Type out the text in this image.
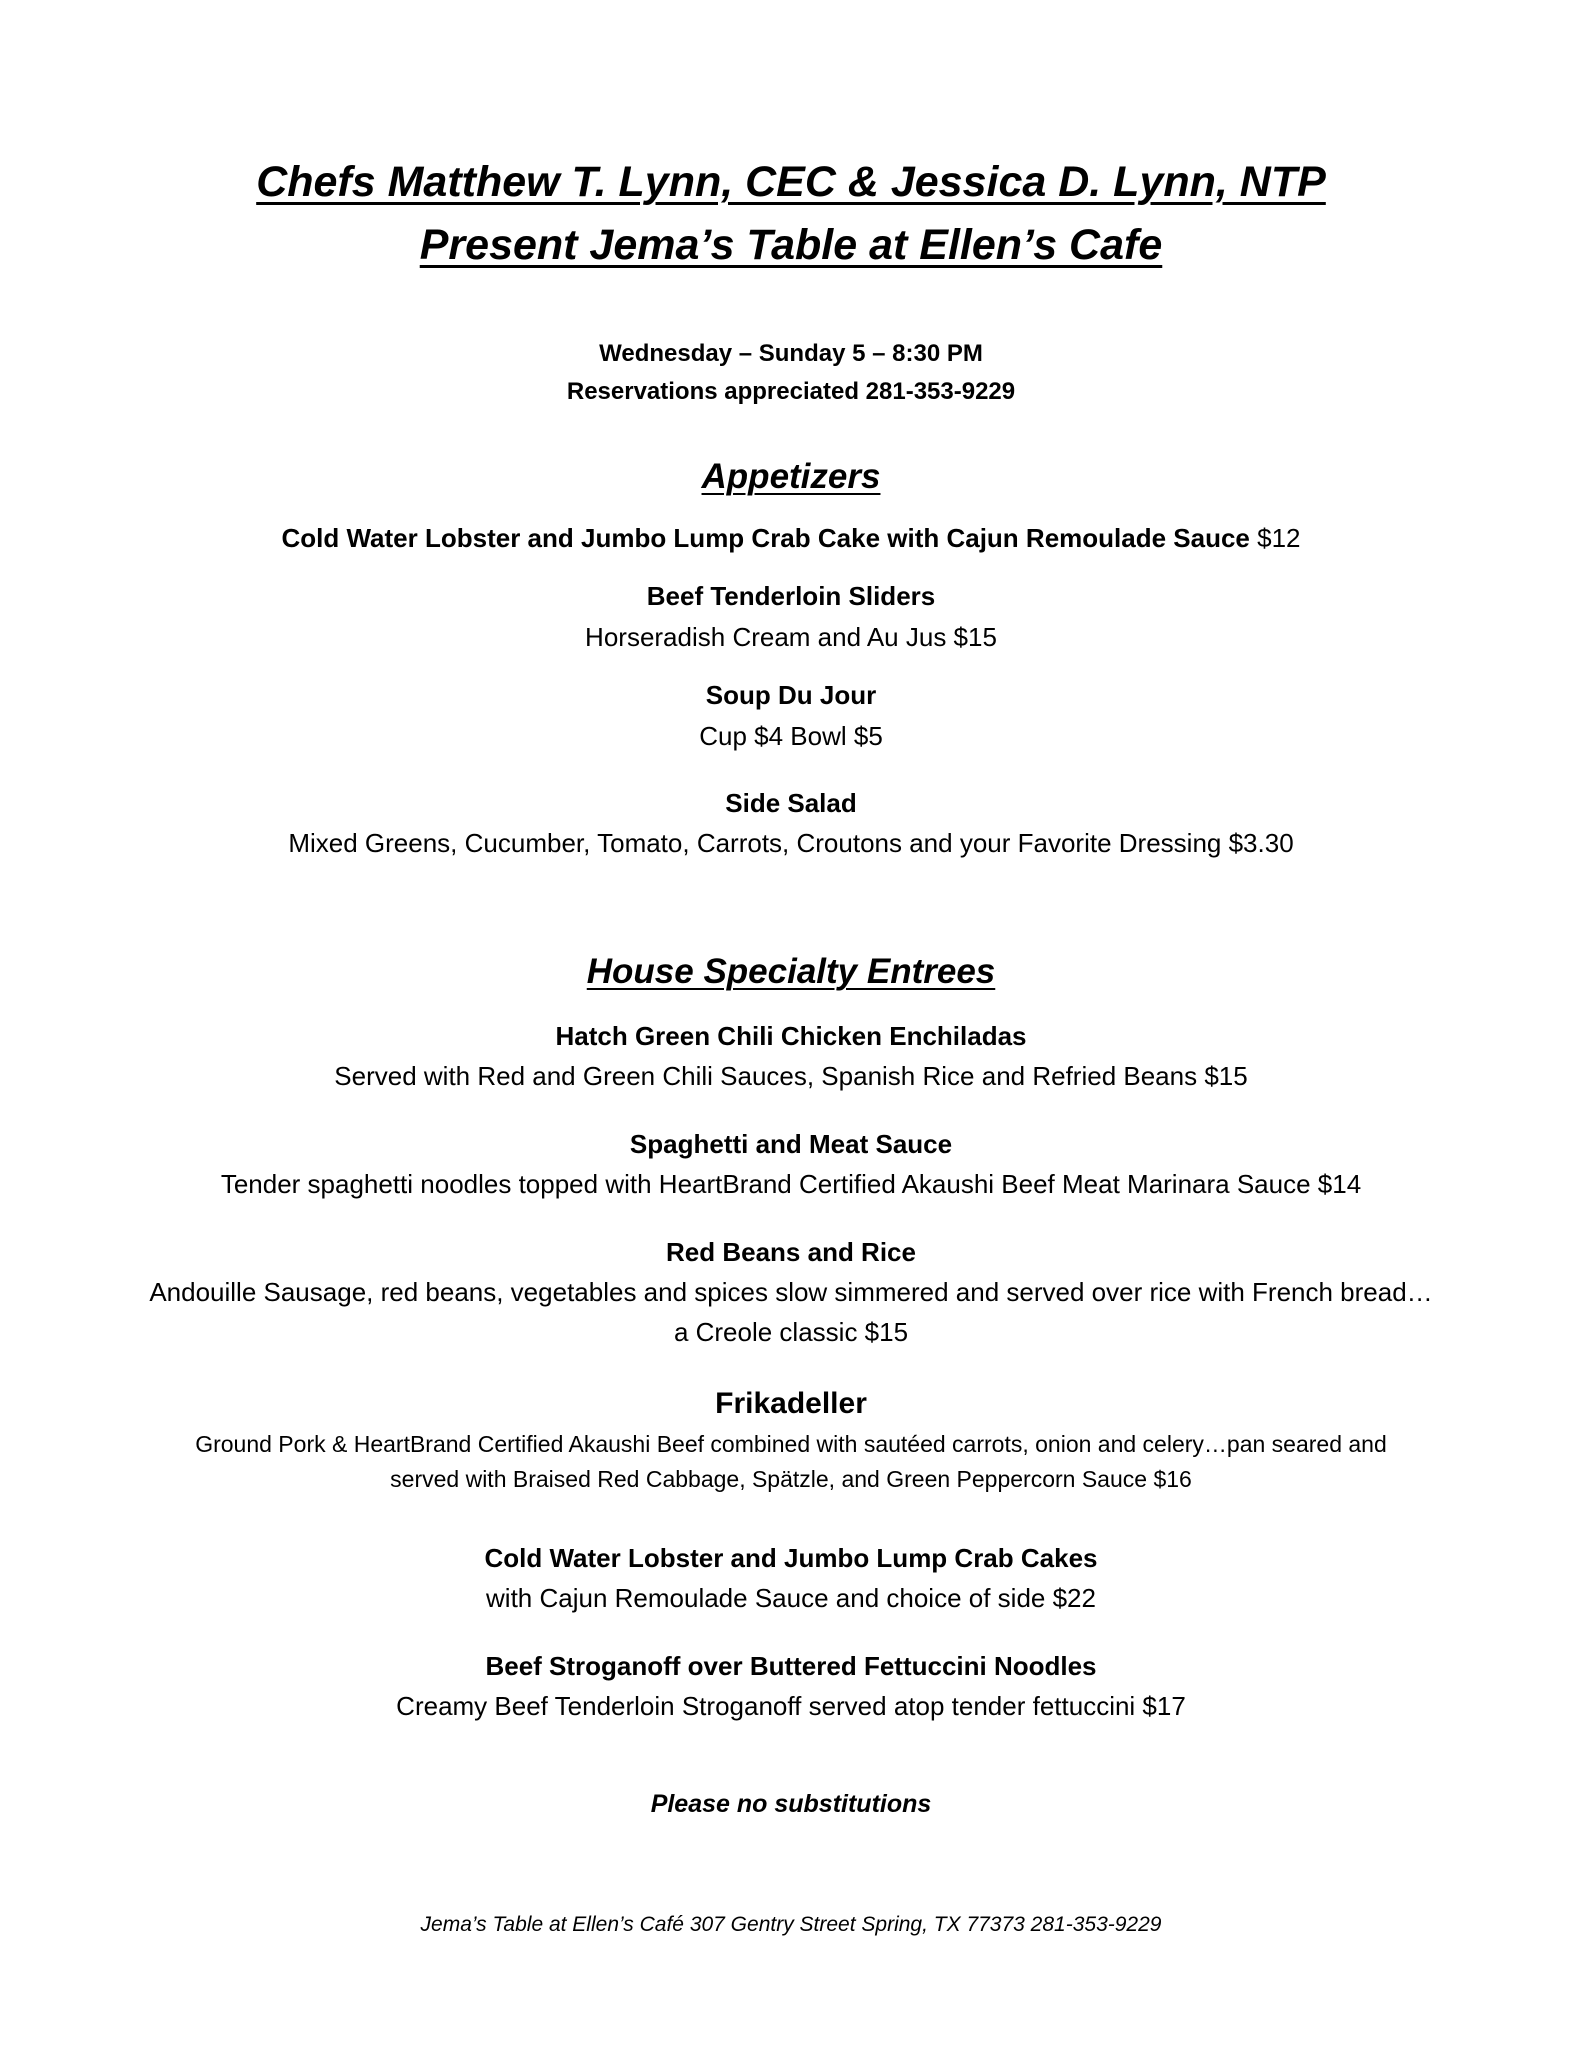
Chefs Matthew T. Lynn, CEC & Jessica D. Lynn, NTP
Present Jema’s Table at Ellen’s Cafe
Wednesday – Sunday 5 – 8:30 PM
Reservations appreciated 281-353-9229
Appetizers
Cold Water Lobster and Jumbo Lump Crab Cake with Cajun Remoulade Sauce $12
Beef Tenderloin Sliders
Horseradish Cream and Au Jus $15
Soup Du Jour
Cup $4 Bowl $5
Side Salad
Mixed Greens, Cucumber, Tomato, Carrots, Croutons and your Favorite Dressing $3.30
House Specialty Entrees
Hatch Green Chili Chicken Enchiladas
Served with Red and Green Chili Sauces, Spanish Rice and Refried Beans $15
Spaghetti and Meat Sauce
Tender spaghetti noodles topped with HeartBrand Certified Akaushi Beef Meat Marinara Sauce $14
Red Beans and Rice
Andouille Sausage, red beans, vegetables and spices slow simmered and served over rice with French bread…
a Creole classic $15
Frikadeller
Ground Pork & HeartBrand Certified Akaushi Beef combined with sautéed carrots, onion and celery…pan seared and
served with Braised Red Cabbage, Spätzle, and Green Peppercorn Sauce $16
Cold Water Lobster and Jumbo Lump Crab Cakes
with Cajun Remoulade Sauce and choice of side $22
Beef Stroganoff over Buttered Fettuccini Noodles
Creamy Beef Tenderloin Stroganoff served atop tender fettuccini $17
Please no substitutions
Jema’s Table at Ellen’s Café 307 Gentry Street Spring, TX 77373 281-353-9229
